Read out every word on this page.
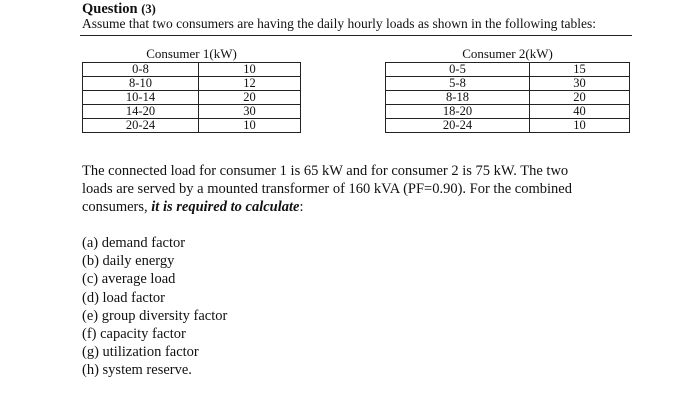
Question (3)
Assume that two consumers are having the daily hourly loads as shown in the following tables:
Consumer 1(kW)	
0-8	10
8-10	12
10-14	20
14-20	30
20-24	10
Consumer 2(kW)	
0-5	15
5-8	30
8-18	20
18-20	40
20-24	10
The connected load for consumer 1 is 65 kW and for consumer 2 is 75 kW. The two
loads are served by a mounted transformer of 160 kVA (PF=0.90). For the combined
consumers, it is required to calculate:
(a) demand factor
(b) daily energy
(c) average load
(d) load factor
(e) group diversity factor
(f) capacity factor
(g) utilization factor
(h) system reserve.
